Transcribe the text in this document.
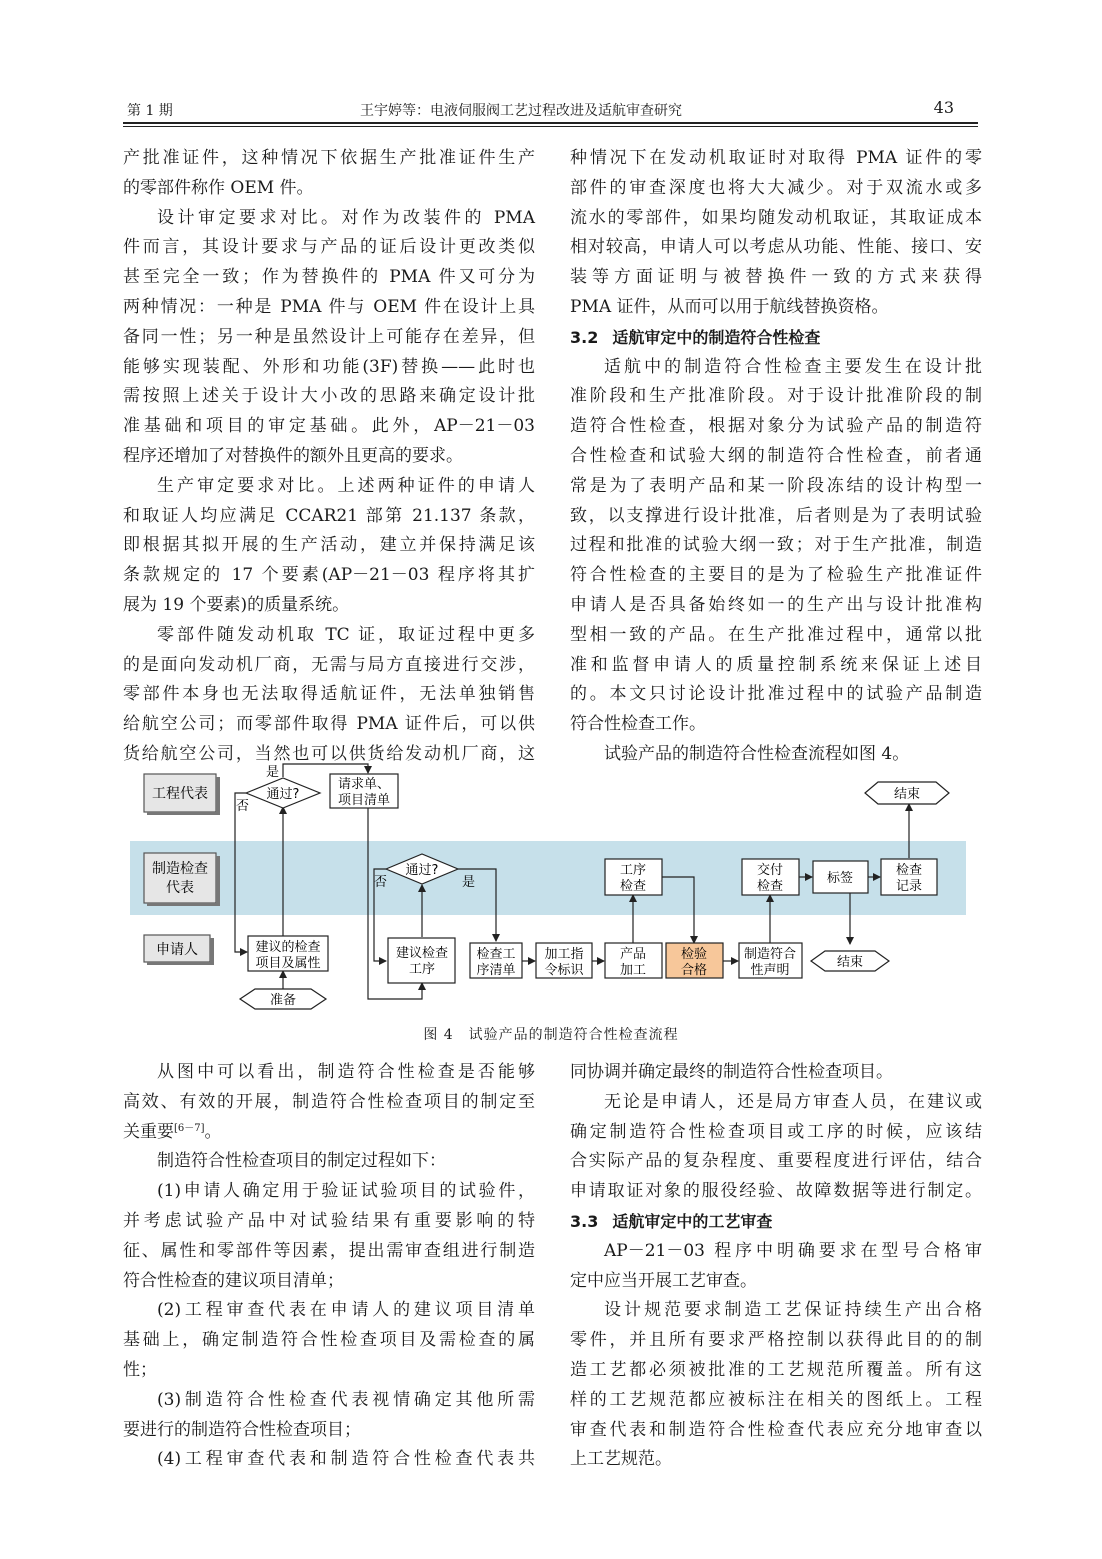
第 1 期	王宇婷等：电液伺服阀工艺过程改进及适航审查研究	43

产批准证件，这种情况下依据生产批准证件生产

的零部件称作 OEM 件。

设计审定要求对比。对作为改装件的 PMA

件而言，其设计要求与产品的证后设计更改类似

甚至完全一致；作为替换件的 PMA 件又可分为

两种情况：一种是 PMA 件与 OEM 件在设计上具

备同一性；另一种是虽然设计上可能存在差异，但

能够实现装配、外形和功能(3F)替换——此时也

需按照上述关于设计大小改的思路来确定设计批

准基础和项目的审定基础。此外，AP－21－03

程序还增加了对替换件的额外且更高的要求。

生产审定要求对比。上述两种证件的申请人

和取证人均应满足 CCAR21 部第 21.137 条款，

即根据其拟开展的生产活动，建立并保持满足该

条款规定的 17 个要素(AP－21－03 程序将其扩

展为 19 个要素)的质量系统。

零部件随发动机取 TC 证，取证过程中更多

的是面向发动机厂商，无需与局方直接进行交涉，

零部件本身也无法取得适航证件，无法单独销售

给航空公司；而零部件取得 PMA 证件后，可以供

货给航空公司，当然也可以供货给发动机厂商，这

种情况下在发动机取证时对取得 PMA 证件的零

部件的审查深度也将大大减少。对于双流水或多

流水的零部件，如果均随发动机取证，其取证成本

相对较高，申请人可以考虑从功能、性能、接口、安

装等方面证明与被替换件一致的方式来获得

PMA 证件，从而可以用于航线替换资格。

3.2 适航审定中的制造符合性检查

适航中的制造符合性检查主要发生在设计批

准阶段和生产批准阶段。对于设计批准阶段的制

造符合性检查，根据对象分为试验产品的制造符

合性检查和试验大纲的制造符合性检查，前者通

常是为了表明产品和某一阶段冻结的设计构型一

致，以支撑进行设计批准，后者则是为了表明试验

过程和批准的试验大纲一致；对于生产批准，制造

符合性检查的主要目的是为了检验生产批准证件

申请人是否具备始终如一的生产出与设计批准构

型相一致的产品。在生产批准过程中，通常以批

准和监督申请人的质量控制系统来保证上述目

的。本文只讨论设计批准过程中的试验产品制造

符合性检查工作。

试验产品的制造符合性检查流程如图 4。

工程代表
制造检查
代表
申请人
通过?
是
否
请求单、
项目清单	结束
通过?
否	是
工序
检查
交付
检查
标签
检查
记录
建议的检查
项目及属性
准备
建议检查
工序
检查工
序清单
加工指
令标识
产品
加工
检验
合格
制造符合
性声明
结束
图 4　试验产品的制造符合性检查流程

从图中可以看出，制造符合性检查是否能够

高效、有效的开展，制造符合性检查项目的制定至

关重要[6－7]。

制造符合性检查项目的制定过程如下：

(1)申请人确定用于验证试验项目的试验件，

并考虑试验产品中对试验结果有重要影响的特

征、属性和零部件等因素，提出需审查组进行制造

符合性检查的建议项目清单；

(2)工程审查代表在申请人的建议项目清单

基础上，确定制造符合性检查项目及需检查的属

性；

(3)制造符合性检查代表视情确定其他所需

要进行的制造符合性检查项目；

(4)工程审查代表和制造符合性检查代表共

同协调并确定最终的制造符合性检查项目。

无论是申请人，还是局方审查人员，在建议或

确定制造符合性检查项目或工序的时候，应该结

合实际产品的复杂程度、重要程度进行评估，结合

申请取证对象的服役经验、故障数据等进行制定。

3.3 适航审定中的工艺审查

AP－21－03 程序中明确要求在型号合格审

定中应当开展工艺审查。

设计规范要求制造工艺保证持续生产出合格

零件，并且所有要求严格控制以获得此目的的制

造工艺都必须被批准的工艺规范所覆盖。所有这

样的工艺规范都应被标注在相关的图纸上。工程

审查代表和制造符合性检查代表应充分地审查以

上工艺规范。
